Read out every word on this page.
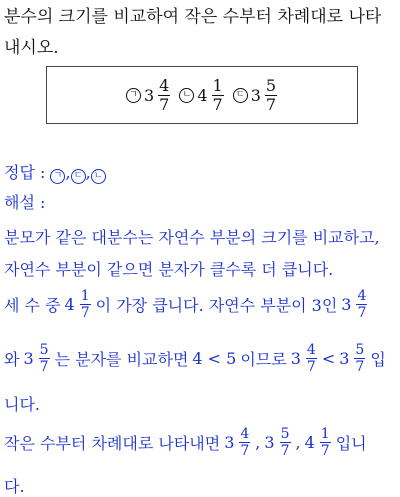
분수의 크기를 비교하여 작은 수부터 차례대로 나타
내시오.
ㄱ $3 \frac{4}{7}$	ㄴ $4 \frac{1}{7}$	ㄷ $3 \frac{5}{7}$
정답 : ㄱ , ㄷ , ㄴ
해설 :
분모가 같은 대분수는 자연수 부분의 크기를 비교하고,
자연수 부분이 같으면 분자가 클수록 더 큽니다.
세 수 중 $4 \frac{1}{7}$ 이 가장 큽니다. 자연수 부분이 3인 $3 \frac{4}{7}$
와 $3 \frac{5}{7}$ 는 분자를 비교하면 4 < 5 이므로 $3 \frac{4}{7} < 3 \frac{5}{7}$ 입
니다.
작은 수부터 차례대로 나타내면 $3 \frac{4}{7}$ , $3 \frac{5}{7}$ , $4 \frac{1}{7}$ 입니
다.
